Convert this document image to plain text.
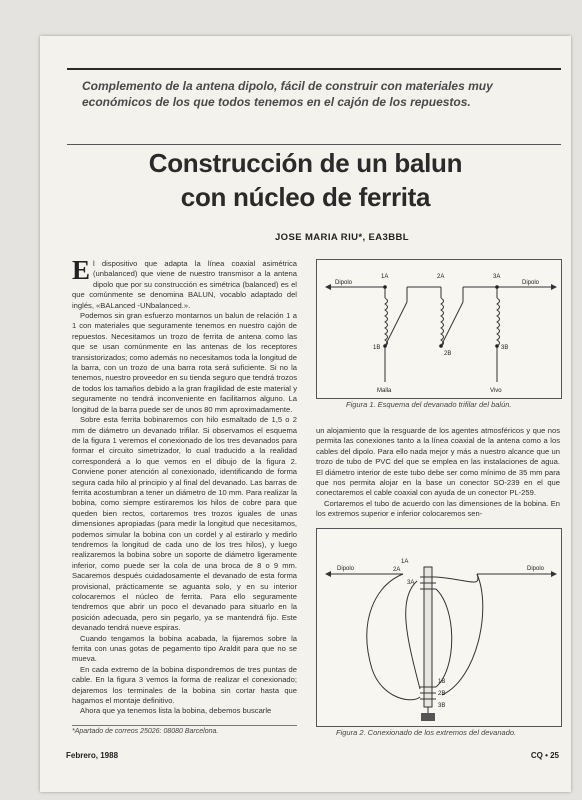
Complemento de la antena dipolo, fácil de construir con materiales muy económicos de los que todos tenemos en el cajón de los repuestos.
Construcción de un balun
con núcleo de ferrita
JOSE MARIA RIU*, EA3BBL

El dispositivo que adapta la línea coaxial asimétrica (unbalanced) que viene de nuestro transmisor a la antena dipolo que por su construcción es simétrica (balanced) es el que comúnmente se denomina BALUN, vocablo adaptado del inglés, «BALanced -UNbalanced.».

Podemos sin gran esfuerzo montarnos un balun de relación 1 a 1 con materiales que seguramente tenemos en nuestro cajón de repuestos. Necesitamos un trozo de ferrita de antena como las que se usan comúnmente en las antenas de los receptores transistorizados; como además no necesitamos toda la longitud de la barra, con un trozo de una barra rota será suficiente. Si no la tenemos, nuestro proveedor en su tienda seguro que tendrá trozos de todos los tamaños debido a la gran fragilidad de este material y seguramente no tendrá inconveniente en facilitarnos alguno. La longitud de la barra puede ser de unos 80 mm aproximadamente.

Sobre esta ferrita bobinaremos con hilo esmaltado de 1,5 o 2 mm de diámetro un devanado trifilar. Si observamos el esquema de la figura 1 veremos el conexionado de los tres devanados para formar el circuito simetrizador, lo cual traducido a la realidad corresponderá a lo que vemos en el dibujo de la figura 2. Conviene poner atención al conexionado, identificando de forma segura cada hilo al principio y al final del devanado. Las barras de ferrita acostumbran a tener un diámetro de 10 mm. Para realizar la bobina, como siempre estiraremos los hilos de cobre para que queden bien rectos, cortaremos tres trozos iguales de unas dimensiones apropiadas (para medir la longitud que necesitamos, podemos simular la bobina con un cordel y al estirarlo y medirlo tendremos la longitud de cada uno de los tres hilos), y luego realizaremos la bobina sobre un soporte de diámetro ligeramente inferior, como puede ser la cola de una broca de 8 o 9 mm. Sacaremos después cuidadosamente el devanado de esta forma provisional, prácticamente se aguanta solo, y en su interior colocaremos el núcleo de ferrita. Para ello seguramente tendremos que abrir un poco el devanado para situarlo en la posición adecuada, pero sin pegarlo, ya se mantendrá fijo. Este devanado tendrá nueve espiras.

Cuando tengamos la bobina acabada, la fijaremos sobre la ferrita con unas gotas de pegamento tipo Araldit para que no se mueva.

En cada extremo de la bobina dispondremos de tres puntas de cable. En la figura 3 vemos la forma de realizar el conexionado; dejaremos los terminales de la bobina sin cortar hasta que hagamos el montaje definitivo.

Ahora que ya tenemos lista la bobina, debemos buscarle

Dipolo	Dipolo
1A	2A	3A
1B
2B
3B
Malla	Vivo
Figura 1. Esquema del devanado trifilar del balún.

un alojamiento que la resguarde de los agentes atmosféricos y que nos permita las conexiones tanto a la línea coaxial de la antena como a los cables del dipolo. Para ello nada mejor y más a nuestro alcance que un trozo de tubo de PVC del que se emplea en las instalaciones de agua. El diámetro interior de este tubo debe ser como mínimo de 35 mm para que nos permita alojar en la base un conector SO-239 en el que conectaremos el cable coaxial con ayuda de un conector PL-259.

Cortaremos el tubo de acuerdo con las dimensiones de la bobina. En los extremos superior e inferior colocaremos sen-

Dipolo	Dipolo
1A
2A
3A
1B
2B
3B
Figura 2. Conexionado de los extremos del devanado.
*Apartado de correos 25026: 08080 Barcelona.
Febrero, 1988	CQ • 25
